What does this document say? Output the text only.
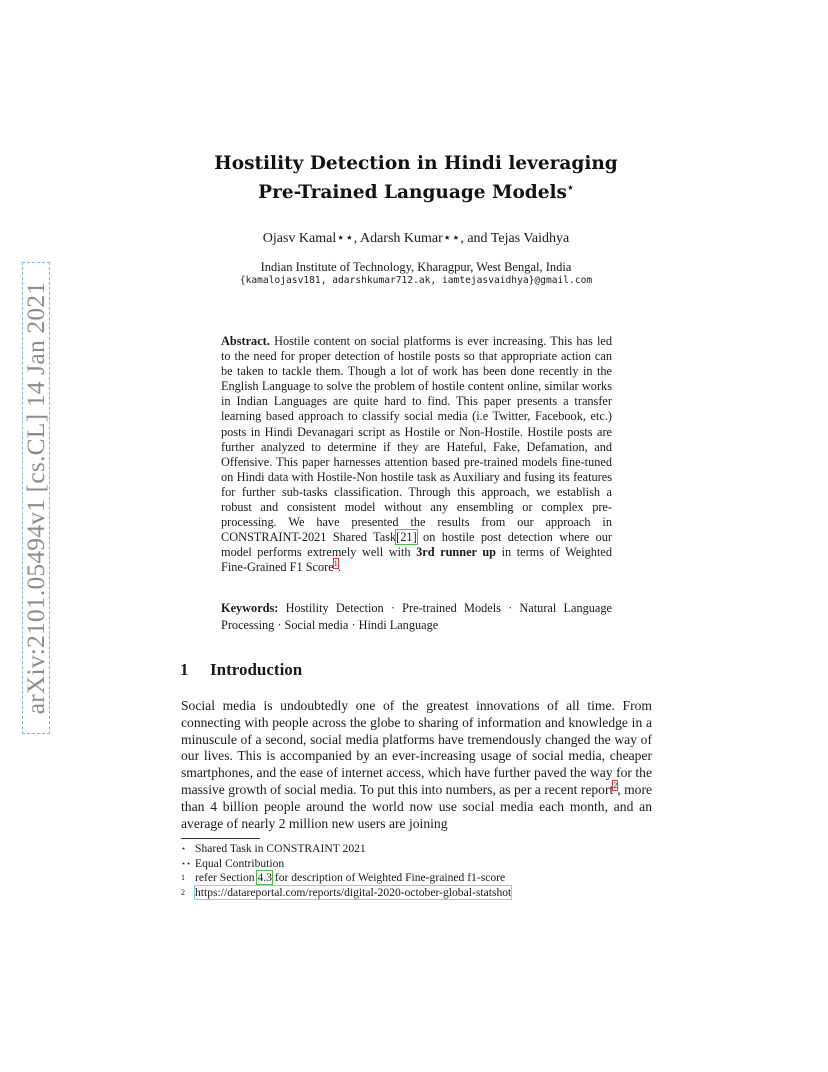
arXiv:2101.05494v1 [cs.CL] 14 Jan 2021
Hostility Detection in Hindi leveraging
Pre-Trained Language Models⋆
Ojasv Kamal⋆⋆, Adarsh Kumar⋆⋆, and Tejas Vaidhya
Indian Institute of Technology, Kharagpur, West Bengal, India
{kamalojasv181, adarshkumar712.ak, iamtejasvaidhya}@gmail.com
Abstract. Hostile content on social platforms is ever increasing. This has led to the need for proper detection of hostile posts so that appropriate action can be taken to tackle them. Though a lot of work has been done recently in the English Language to solve the problem of hostile content online, similar works in Indian Languages are quite hard to find. This paper presents a transfer learning based approach to classify social media (i.e Twitter, Facebook, etc.) posts in Hindi Devanagari script as Hostile or Non-Hostile. Hostile posts are further analyzed to determine if they are Hateful, Fake, Defamation, and Offensive. This paper harnesses attention based pre-trained models fine-tuned on Hindi data with Hostile-Non hostile task as Auxiliary and fusing its features for further sub-tasks classification. Through this approach, we establish a robust and consistent model without any ensembling or complex pre-processing. We have presented the results from our approach in CONSTRAINT-2021 Shared Task[21] on hostile post detection where our model performs extremely well with 3rd runner up in terms of Weighted Fine-Grained F1 Score$^1$.
Keywords: Hostility Detection · Pre-trained Models · Natural Language Processing · Social media · Hindi Language
1 Introduction
Social media is undoubtedly one of the greatest innovations of all time. From connecting with people across the globe to sharing of information and knowledge in a minuscule of a second, social media platforms have tremendously changed the way of our lives. This is accompanied by an ever-increasing usage of social media, cheaper smartphones, and the ease of internet access, which have further paved the way for the massive growth of social media. To put this into numbers, as per a recent report$^2$, more than 4 billion people around the world now use social media each month, and an average of nearly 2 million new users are joining
⋆ Shared Task in CONSTRAINT 2021
⋆⋆ Equal Contribution
1 refer Section 4.3 for description of Weighted Fine-grained f1-score
2 https://datareportal.com/reports/digital-2020-october-global-statshot
